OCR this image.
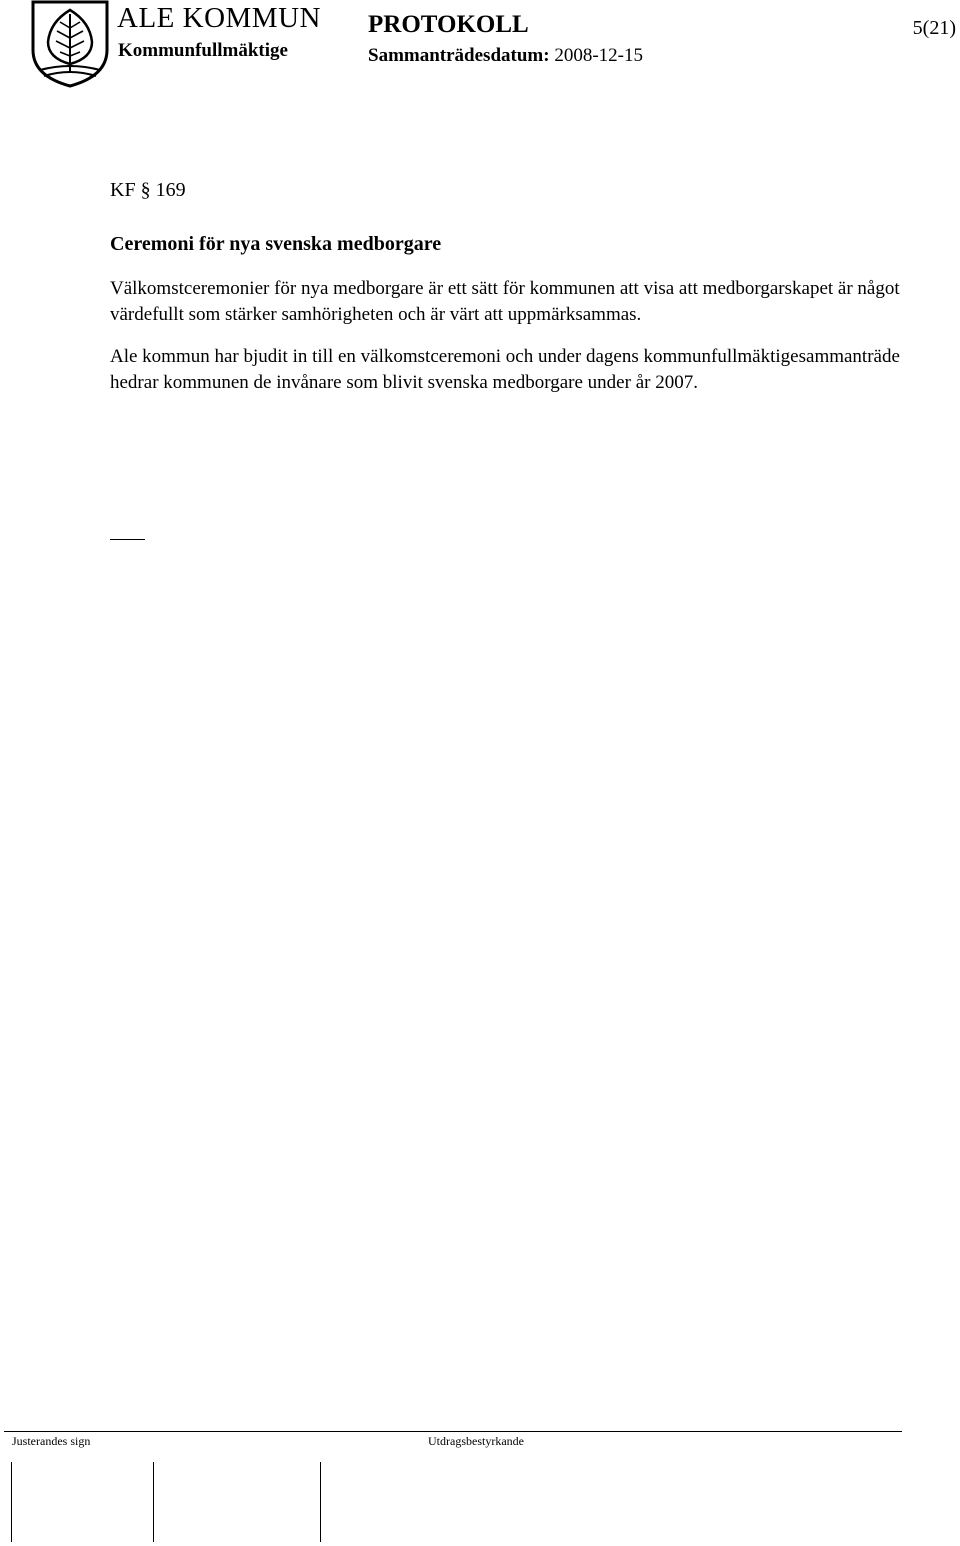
ALE KOMMUN
Kommunfullmäktige
PROTOKOLL
Sammanträdesdatum: 2008-12-15
5(21)

KF § 169

Ceremoni för nya svenska medborgare

Välkomstceremonier för nya medborgare är ett sätt för kommunen att visa att medborgarskapet är något värdefullt som stärker samhörigheten och är värt att uppmärksammas.

Ale kommun har bjudit in till en välkomstceremoni och under dagens kommunfullmäktigesammanträde hedrar kommunen de invånare som blivit svenska medborgare under år 2007.

Justerandes sign	Utdragsbestyrkande
